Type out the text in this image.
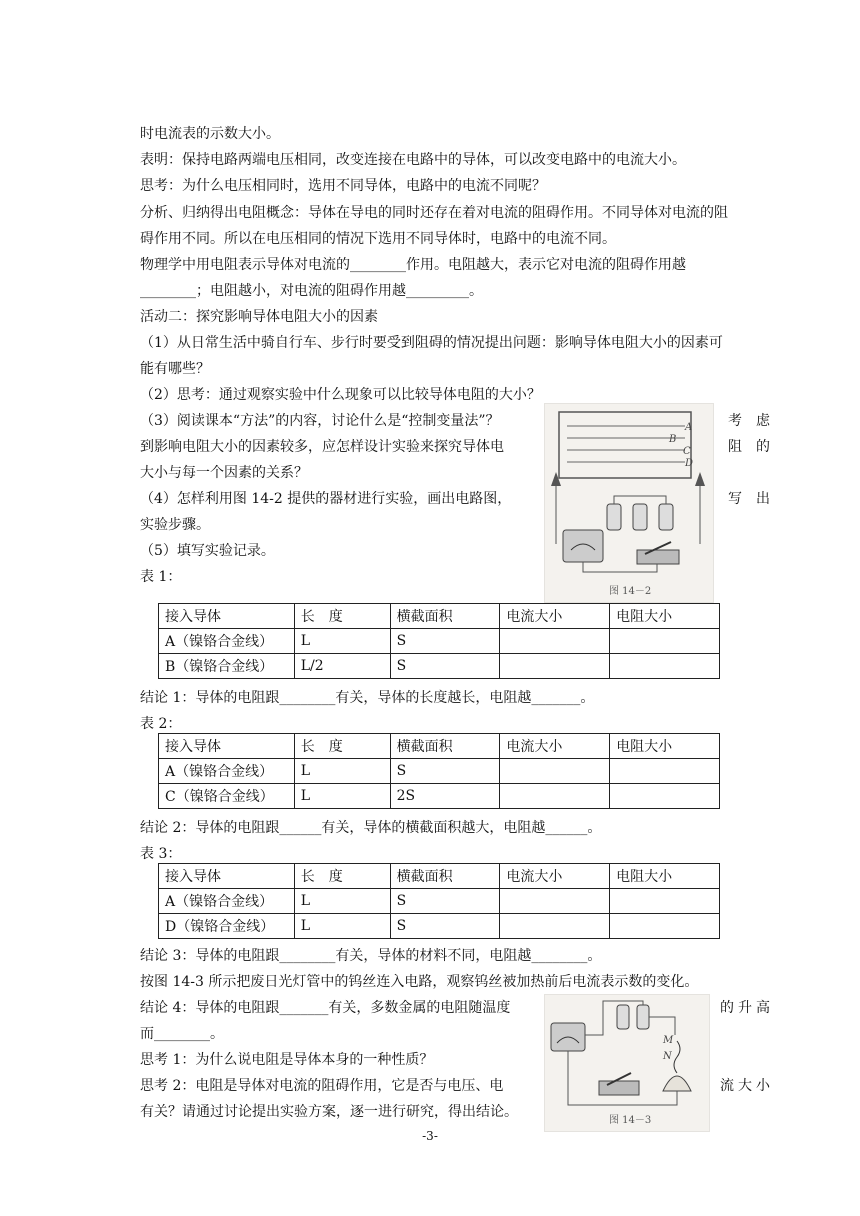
时电流表的示数大小。
表明：保持电路两端电压相同，改变连接在电路中的导体，可以改变电路中的电流大小。
思考：为什么电压相同时，选用不同导体，电路中的电流不同呢？
分析、归纳得出电阻概念：导体在导电的同时还存在着对电流的阻碍作用。不同导体对电流的阻
碍作用不同。所以在电压相同的情况下选用不同导体时，电路中的电流不同。
物理学中用电阻表示导体对电流的________作用。电阻越大，表示它对电流的阻碍作用越
________；电阻越小，对电流的阻碍作用越_________。
活动二：探究影响导体电阻大小的因素
（1）从日常生活中骑自行车、步行时要受到阻碍的情况提出问题：影响导体电阻大小的因素可
能有哪些？
（2）思考：通过观察实验中什么现象可以比较导体电阻的大小？
（3）阅读课本“方法”的内容，讨论什么是“控制变量法”？	考　虑
到影响电阻大小的因素较多，应怎样设计实验来探究导体电	阻　的
大小与每一个因素的关系？
（4）怎样利用图 14-2 提供的器材进行实验，画出电路图，	写　出
实验步骤。
（5）填写实验记录。
表 1：
A
B
C
D
图 14－2
接入导体	长　度	横截面积	电流大小	电阻大小
A（镍铬合金线）	L	S		
B（镍铬合金线）	L/2	S		
结论 1：导体的电阻跟________有关，导体的长度越长，电阻越_______。
表 2：
接入导体	长　度	横截面积	电流大小	电阻大小
A（镍铬合金线）	L	S		
C（镍铬合金线）	L	2S		
结论 2：导体的电阻跟______有关，导体的横截面积越大，电阻越______。
表 3：
接入导体	长　度	横截面积	电流大小	电阻大小
A（镍铬合金线）	L	S		
D（镍铬合金线）	L	S		
结论 3：导体的电阻跟________有关，导体的材料不同，电阻越________。
按图 14-3 所示把废日光灯管中的钨丝连入电路，观察钨丝被加热前后电流表示数的变化。
结论 4：导体的电阻跟_______有关，多数金属的电阻随温度	的升高
而________。
思考 1：为什么说电阻是导体本身的一种性质？
思考 2：电阻是导体对电流的阻碍作用，它是否与电压、电	流大小
有关？请通过讨论提出实验方案，逐一进行研究，得出结论。
M
N
图 14－3
-3-
